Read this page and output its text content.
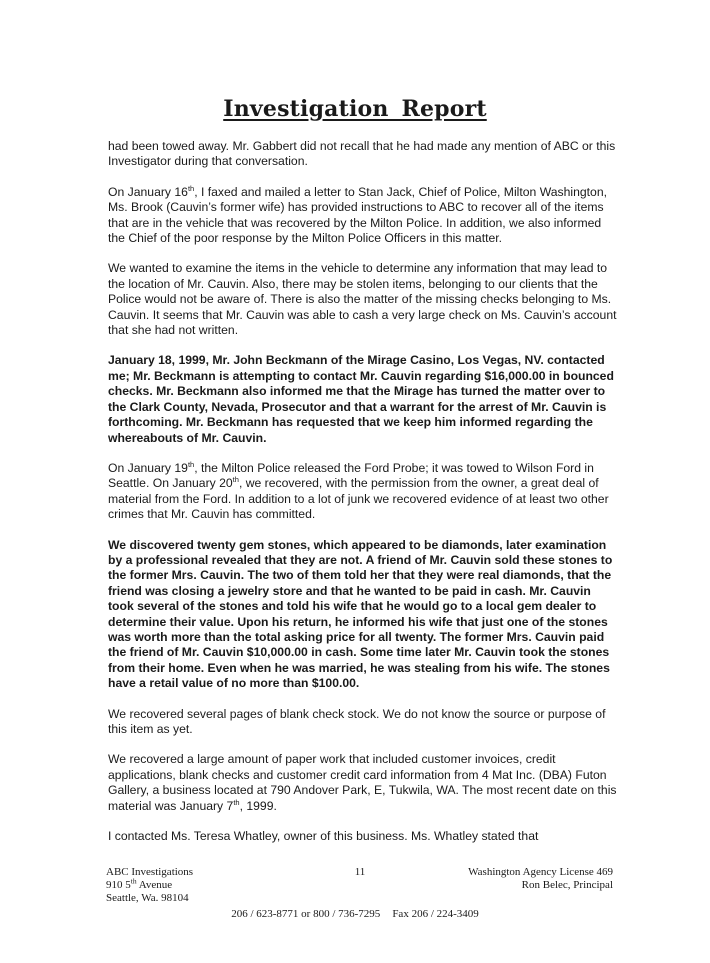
Investigation Report

had been towed away. Mr. Gabbert did not recall that he had made any mention of ABC or this Investigator during that conversation.

On January 16th, I faxed and mailed a letter to Stan Jack, Chief of Police, Milton Washington, Ms. Brook (Cauvin’s former wife) has provided instructions to ABC to recover all of the items that are in the vehicle that was recovered by the Milton Police. In addition, we also informed the Chief of the poor response by the Milton Police Officers in this matter.

We wanted to examine the items in the vehicle to determine any information that may lead to the location of Mr. Cauvin. Also, there may be stolen items, belonging to our clients that the Police would not be aware of. There is also the matter of the missing checks belonging to Ms. Cauvin. It seems that Mr. Cauvin was able to cash a very large check on Ms. Cauvin’s account that she had not written.

January 18, 1999, Mr. John Beckmann of the Mirage Casino, Los Vegas, NV. contacted me; Mr. Beckmann is attempting to contact Mr. Cauvin regarding $16,000.00 in bounced checks. Mr. Beckmann also informed me that the Mirage has turned the matter over to the Clark County, Nevada, Prosecutor and that a warrant for the arrest of Mr. Cauvin is forthcoming. Mr. Beckmann has requested that we keep him informed regarding the whereabouts of Mr. Cauvin.

On January 19th, the Milton Police released the Ford Probe; it was towed to Wilson Ford in Seattle. On January 20th, we recovered, with the permission from the owner, a great deal of material from the Ford. In addition to a lot of junk we recovered evidence of at least two other crimes that Mr. Cauvin has committed.

We discovered twenty gem stones, which appeared to be diamonds, later examination by a professional revealed that they are not. A friend of Mr. Cauvin sold these stones to the former Mrs. Cauvin. The two of them told her that they were real diamonds, that the friend was closing a jewelry store and that he wanted to be paid in cash. Mr. Cauvin took several of the stones and told his wife that he would go to a local gem dealer to determine their value. Upon his return, he informed his wife that just one of the stones was worth more than the total asking price for all twenty. The former Mrs. Cauvin paid the friend of Mr. Cauvin $10,000.00 in cash. Some time later Mr. Cauvin took the stones from their home. Even when he was married, he was stealing from his wife. The stones have a retail value of no more than $100.00.

We recovered several pages of blank check stock. We do not know the source or purpose of this item as yet.

We recovered a large amount of paper work that included customer invoices, credit applications, blank checks and customer credit card information from 4 Mat Inc. (DBA) Futon Gallery, a business located at 790 Andover Park, E, Tukwila, WA. The most recent date on this material was January 7th, 1999.

I contacted Ms. Teresa Whatley, owner of this business. Ms. Whatley stated that

ABC Investigations
910 5th Avenue
Seattle, Wa. 98104
11	Washington Agency License 469
Ron Belec, Principal
206 / 623-8771 or 800 / 736-7295 Fax 206 / 224-3409
